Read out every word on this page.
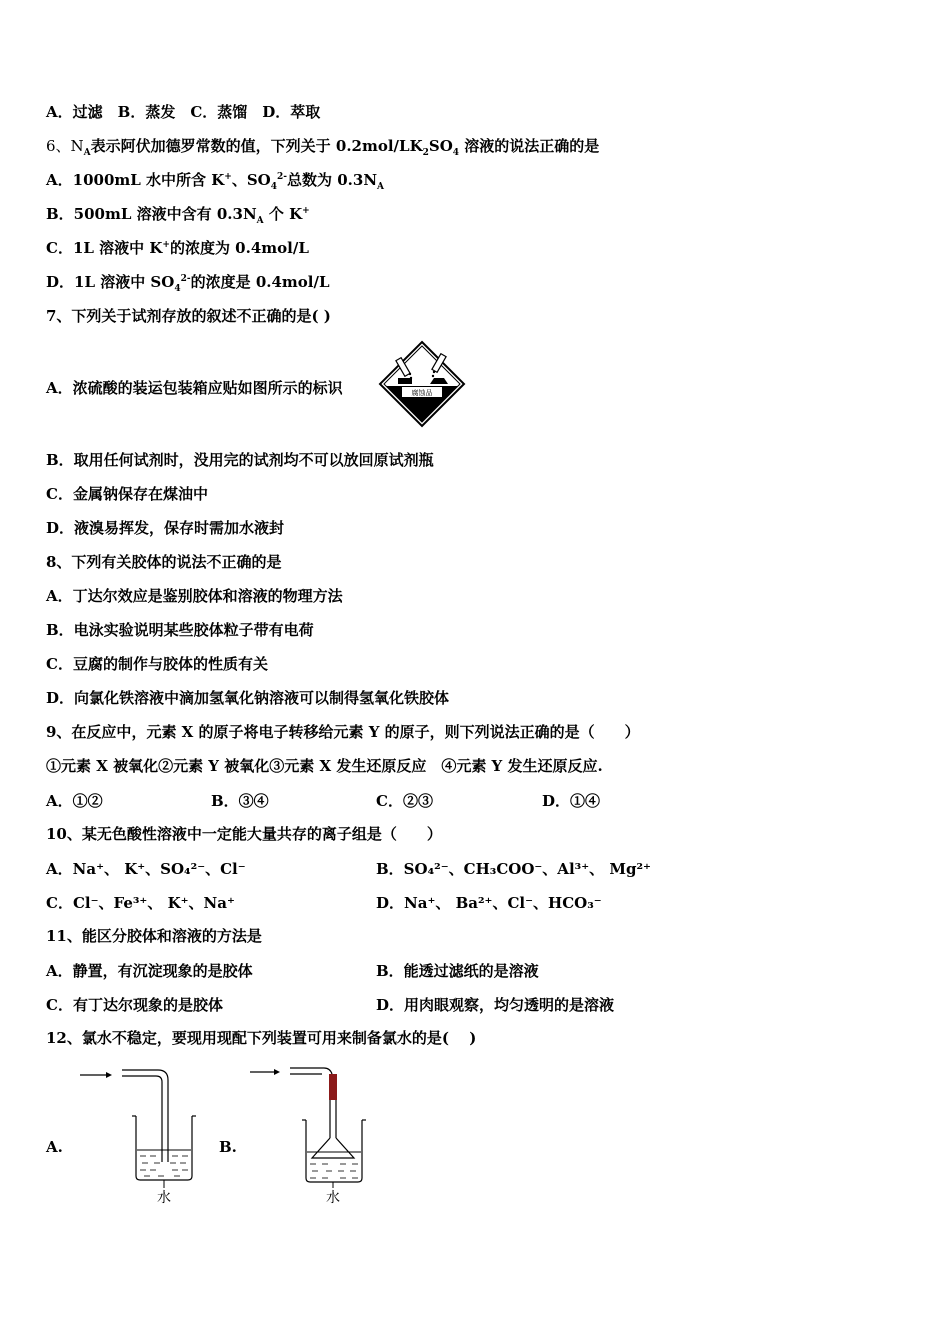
A．过滤　B．蒸发　C．蒸馏　D．萃取
6、$N_A$表示阿伏加德罗常数的值，下列关于 $0.2mol/LK_2SO_4$ 溶液的说法正确的是
A．1000mL 水中所含 K+、$SO_4^{2-}$总数为 $0.3N_A$
B．500mL 溶液中含有 $0.3N_A$ 个 K+
C．1L 溶液中 K+的浓度为 0.4mol/L
D．1L 溶液中 $SO_4^{2-}$的浓度是 0.4mol/L
7、下列关于试剂存放的叙述不正确的是( )
A．浓硫酸的装运包装箱应贴如图所示的标识	腐蚀品
B．取用任何试剂时，没用完的试剂均不可以放回原试剂瓶
C．金属钠保存在煤油中
D．液溴易挥发，保存时需加水液封
8、下列有关胶体的说法不正确的是
A．丁达尔效应是鉴别胶体和溶液的物理方法
B．电泳实验说明某些胶体粒子带有电荷
C．豆腐的制作与胶体的性质有关
D．向氯化铁溶液中滴加氢氧化钠溶液可以制得氢氧化铁胶体
9、在反应中，元素 X 的原子将电子转移给元素 Y 的原子，则下列说法正确的是（　　）
①元素 X 被氧化②元素 Y 被氧化③元素 X 发生还原反应　④元素 Y 发生还原反应.
A．①②	B．③④	C．②③	D．①④
10、某无色酸性溶液中一定能大量共存的离子组是（　　）
A．Na⁺、 K⁺、SO₄²⁻、Cl⁻	B．SO₄²⁻、CH₃COO⁻、Al³⁺、 Mg²⁺
C．Cl⁻、Fe³⁺、 K⁺、Na⁺	D．Na⁺、 Ba²⁺、Cl⁻、HCO₃⁻
11、能区分胶体和溶液的方法是
A．静置，有沉淀现象的是胶体	B．能透过滤纸的是溶液
C．有丁达尔现象的是胶体	D．用肉眼观察，均匀透明的是溶液
12、氯水不稳定，要现用现配下列装置可用来制备氯水的是(　 )
A.	B.
水	水
